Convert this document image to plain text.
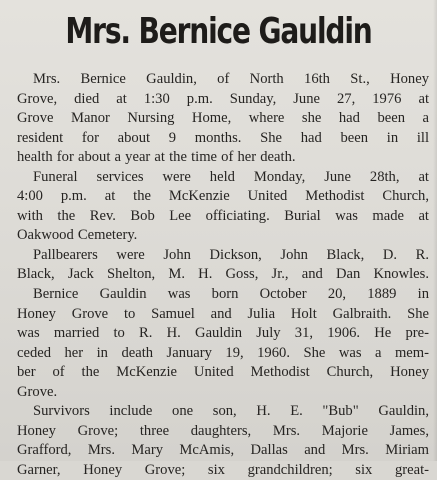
Mrs. Bernice Gauldin
Mrs. Bernice Gauldin, of North 16th St., Honey
Grove, died at 1:30 p.m. Sunday, June 27, 1976 at
Grove Manor Nursing Home, where she had been a
resident for about 9 months. She had been in ill
health for about a year at the time of her death.
Funeral services were held Monday, June 28th, at
4:00 p.m. at the McKenzie United Methodist Church,
with the Rev. Bob Lee officiating. Burial was made at
Oakwood Cemetery.
Pallbearers were John Dickson, John Black, D. R.
Black, Jack Shelton, M. H. Goss, Jr., and Dan Knowles.
Bernice Gauldin was born October 20, 1889 in
Honey Grove to Samuel and Julia Holt Galbraith. She
was married to R. H. Gauldin July 31, 1906. He pre-
ceded her in death January 19, 1960. She was a mem-
ber of the McKenzie United Methodist Church, Honey
Grove.
Survivors include one son, H. E. "Bub" Gauldin,
Honey Grove; three daughters, Mrs. Majorie James,
Grafford, Mrs. Mary McAmis, Dallas and Mrs. Miriam
Garner, Honey Grove; six grandchildren; six great-
